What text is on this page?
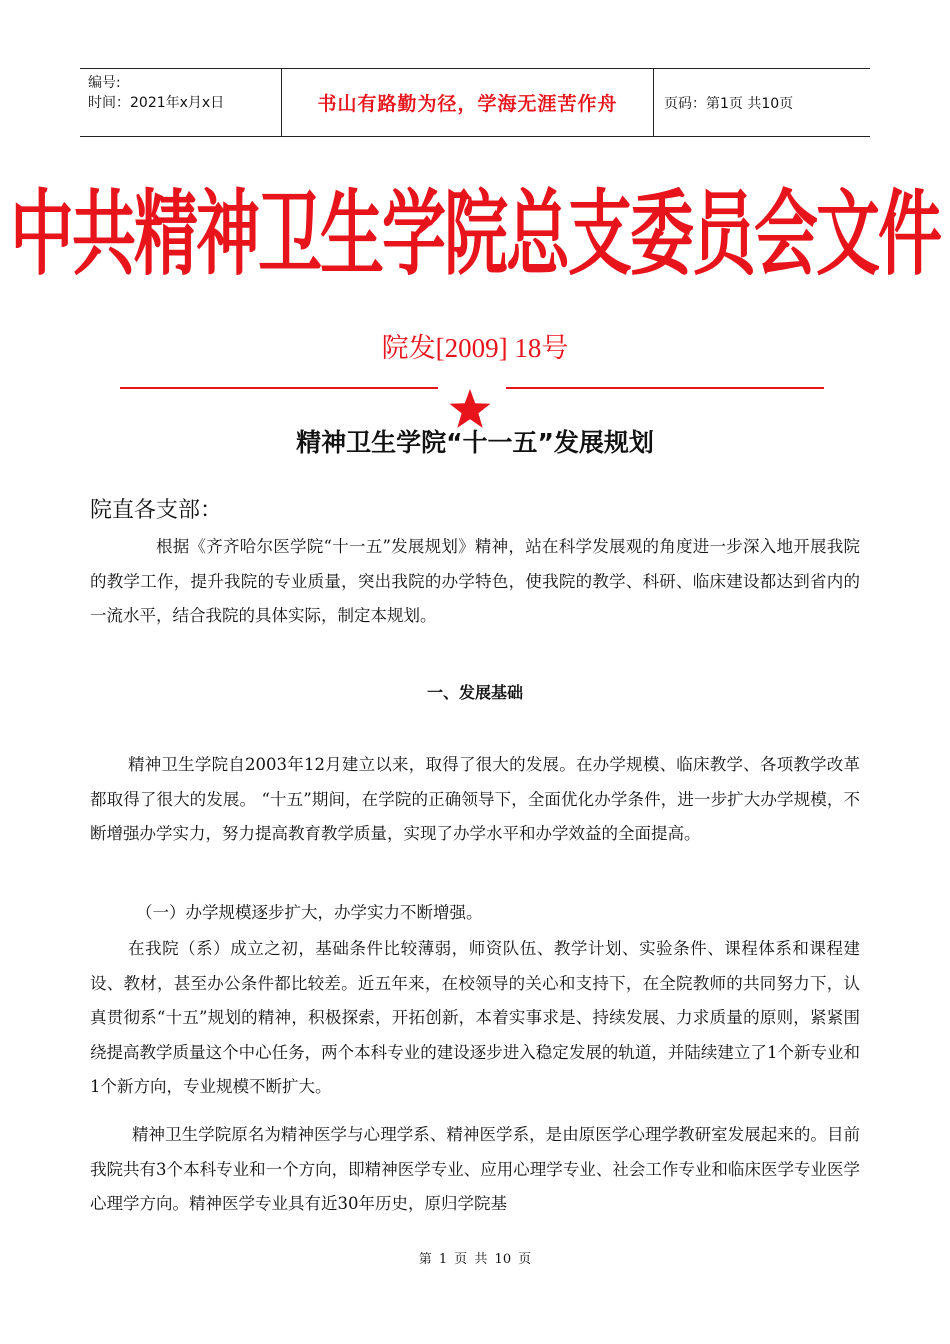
编号:
时间：2021年x月x日	书山有路勤为径，学海无涯苦作舟	页码：第1页 共10页
中共精神卫生学院总支委员会文件
院发[2009] 18号
精神卫生学院“十一五”发展规划
院直各支部：
根据《齐齐哈尔医学院“十一五”发展规划》精神，站在科学发展观的角度进一步深入地开展我院的教学工作，提升我院的专业质量，突出我院的办学特色，使我院的教学、科研、临床建设都达到省内的一流水平，结合我院的具体实际，制定本规划。
一、发展基础
精神卫生学院自2003年12月建立以来，取得了很大的发展。在办学规模、临床教学、各项教学改革都取得了很大的发展。 “十五”期间，在学院的正确领导下，全面优化办学条件，进一步扩大办学规模，不断增强办学实力，努力提高教育教学质量，实现了办学水平和办学效益的全面提高。
（一）办学规模逐步扩大，办学实力不断增强。
在我院（系）成立之初，基础条件比较薄弱，师资队伍、教学计划、实验条件、课程体系和课程建设、教材，甚至办公条件都比较差。近五年来，在校领导的关心和支持下，在全院教师的共同努力下，认真贯彻系“十五”规划的精神，积极探索，开拓创新，本着实事求是、持续发展、力求质量的原则，紧紧围绕提高教学质量这个中心任务，两个本科专业的建设逐步进入稳定发展的轨道，并陆续建立了1个新专业和1个新方向，专业规模不断扩大。
精神卫生学院原名为精神医学与心理学系、精神医学系，是由原医学心理学教研室发展起来的。目前我院共有3个本科专业和一个方向，即精神医学专业、应用心理学专业、社会工作专业和临床医学专业医学心理学方向。精神医学专业具有近30年历史，原归学院基
第 1 页 共 10 页
